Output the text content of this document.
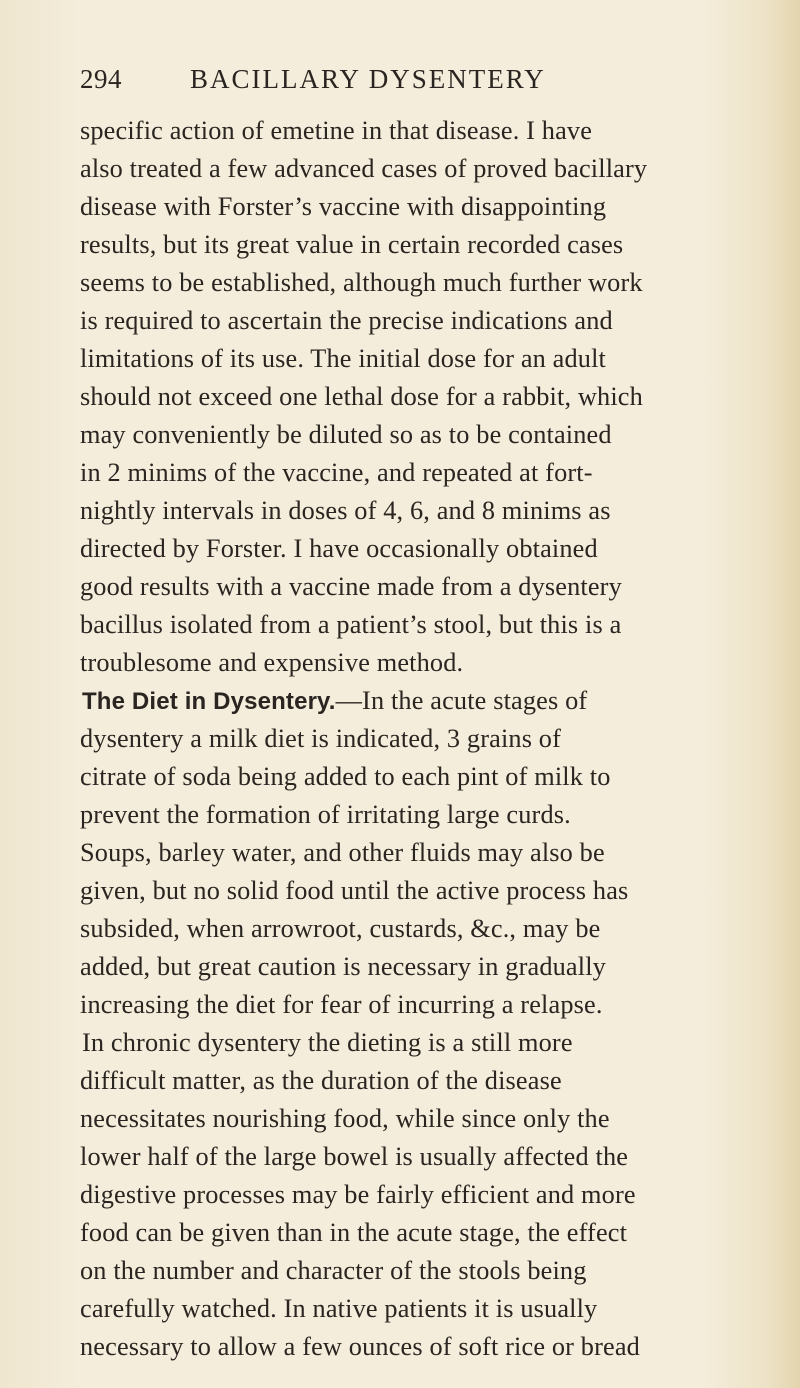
294	BACILLARY DYSENTERY
specific action of emetine in that disease. I have
also treated a few advanced cases of proved bacillary
disease with Forster’s vaccine with disappointing
results, but its great value in certain recorded cases
seems to be established, although much further work
is required to ascertain the precise indications and
limitations of its use. The initial dose for an adult
should not exceed one lethal dose for a rabbit, which
may conveniently be diluted so as to be contained
in 2 minims of the vaccine, and repeated at fort-
nightly intervals in doses of 4, 6, and 8 minims as
directed by Forster. I have occasionally obtained
good results with a vaccine made from a dysentery
bacillus isolated from a patient’s stool, but this is a
troublesome and expensive method.
The Diet in Dysentery.—In the acute stages of
dysentery a milk diet is indicated, 3 grains of
citrate of soda being added to each pint of milk to
prevent the formation of irritating large curds.
Soups, barley water, and other fluids may also be
given, but no solid food until the active process has
subsided, when arrowroot, custards, &c., may be
added, but great caution is necessary in gradually
increasing the diet for fear of incurring a relapse.
In chronic dysentery the dieting is a still more
difficult matter, as the duration of the disease
necessitates nourishing food, while since only the
lower half of the large bowel is usually affected the
digestive processes may be fairly efficient and more
food can be given than in the acute stage, the effect
on the number and character of the stools being
carefully watched. In native patients it is usually
necessary to allow a few ounces of soft rice or bread
